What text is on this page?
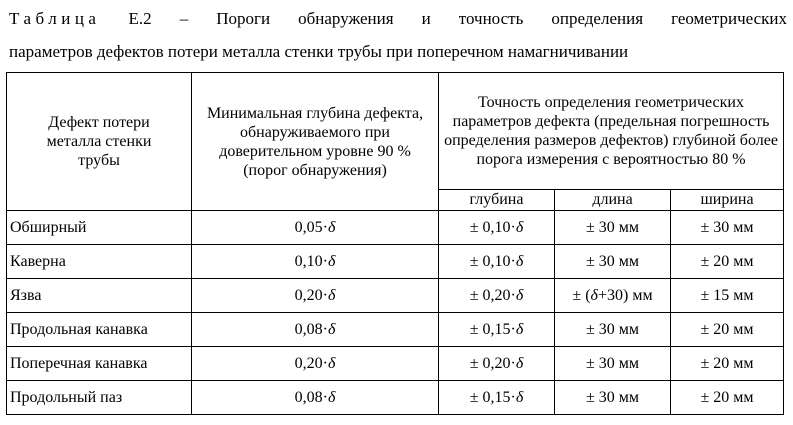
Таблица Е.2 – Пороги обнаружения и точность определения геометрических
параметров дефектов потери металла стенки трубы при поперечном намагничивании
Дефект потери металла стенки трубы	Минимальная глубина дефекта, обнаруживаемого при доверительном уровне 90 % (порог обнаружения)	Точность определения геометрических параметров дефекта (предельная погрешность определения размеров дефектов) глубиной более порога измерения с вероятностью 80 %		
		глубина	длина	ширина
Обширный	0,05·δ	± 0,10·δ	± 30 мм	± 30 мм
Каверна	0,10·δ	± 0,10·δ	± 30 мм	± 20 мм
Язва	0,20·δ	± 0,20·δ	± (δ+30) мм	± 15 мм
Продольная канавка	0,08·δ	± 0,15·δ	± 30 мм	± 20 мм
Поперечная канавка	0,20·δ	± 0,20·δ	± 30 мм	± 20 мм
Продольный паз	0,08·δ	± 0,15·δ	± 30 мм	± 20 мм
